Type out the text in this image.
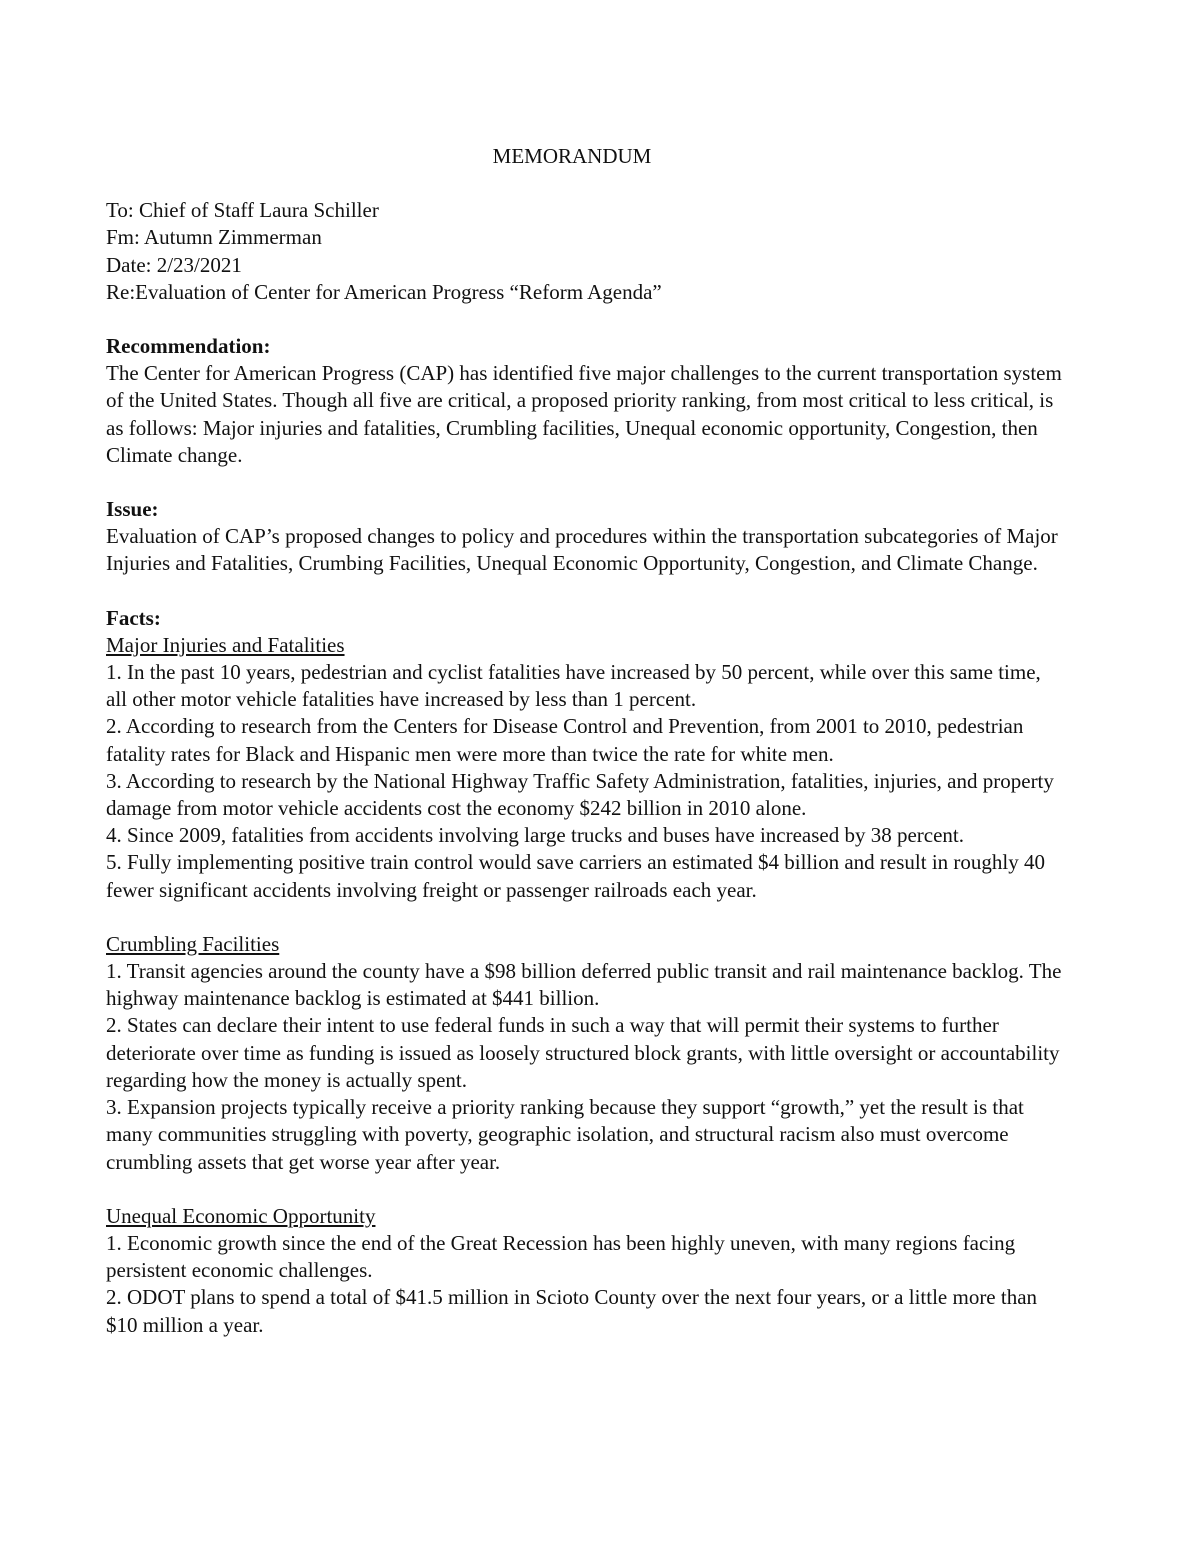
MEMORANDUM
To: Chief of Staff Laura Schiller
Fm: Autumn Zimmerman
Date: 2/23/2021
Re:Evaluation of Center for American Progress “Reform Agenda”
Recommendation:

The Center for American Progress (CAP) has identified five major challenges to the current transportation system of the United States. Though all five are critical, a proposed priority ranking, from most critical to less critical, is as follows: Major injuries and fatalities, Crumbling facilities, Unequal economic opportunity, Congestion, then Climate change.

Issue:

Evaluation of CAP’s proposed changes to policy and procedures within the transportation subcategories of Major Injuries and Fatalities, Crumbing Facilities, Unequal Economic Opportunity, Congestion, and Climate Change.

Facts:
Major Injuries and Fatalities

1. In the past 10 years, pedestrian and cyclist fatalities have increased by 50 percent, while over this same time, all other motor vehicle fatalities have increased by less than 1 percent.

2. According to research from the Centers for Disease Control and Prevention, from 2001 to 2010, pedestrian fatality rates for Black and Hispanic men were more than twice the rate for white men.

3. According to research by the National Highway Traffic Safety Administration, fatalities, injuries, and property damage from motor vehicle accidents cost the economy $242 billion in 2010 alone.

4. Since 2009, fatalities from accidents involving large trucks and buses have increased by 38 percent.

5. Fully implementing positive train control would save carriers an estimated $4 billion and result in roughly 40 fewer significant accidents involving freight or passenger railroads each year.

Crumbling Facilities

1. Transit agencies around the county have a $98 billion deferred public transit and rail maintenance backlog. The highway maintenance backlog is estimated at $441 billion.

2. States can declare their intent to use federal funds in such a way that will permit their systems to further deteriorate over time as funding is issued as loosely structured block grants, with little oversight or accountability regarding how the money is actually spent.

3. Expansion projects typically receive a priority ranking because they support “growth,” yet the result is that many communities struggling with poverty, geographic isolation, and structural racism also must overcome crumbling assets that get worse year after year.

Unequal Economic Opportunity

1. Economic growth since the end of the Great Recession has been highly uneven, with many regions facing persistent economic challenges.

2. ODOT plans to spend a total of $41.5 million in Scioto County over the next four years, or a little more than $10 million a year.
